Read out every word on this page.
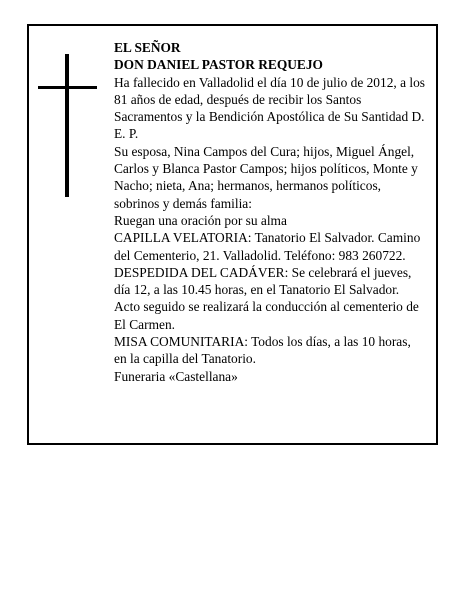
EL SEÑOR

DON DANIEL PASTOR REQUEJO

Ha fallecido en Valladolid el día 10 de julio de 2012, a los 81 años de edad, después de recibir los Santos Sacramentos y la Bendición Apostólica de Su Santidad D. E. P.

Su esposa, Nina Campos del Cura; hijos, Miguel Ángel, Carlos y Blanca Pastor Campos; hijos políticos, Monte y Nacho; nieta, Ana; hermanos, hermanos políticos, sobrinos y demás familia:

Ruegan una oración por su alma

CAPILLA VELATORIA: Tanatorio El Salvador. Camino del Cementerio, 21. Valladolid. Teléfono: 983 260722.

DESPEDIDA DEL CADÁVER: Se celebrará el jueves, día 12, a las 10.45 horas, en el Tanatorio El Salvador. Acto seguido se realizará la conducción al cementerio de El Carmen.

MISA COMUNITARIA: Todos los días, a las 10 horas, en la capilla del Tanatorio.

Funeraria «Castellana»
